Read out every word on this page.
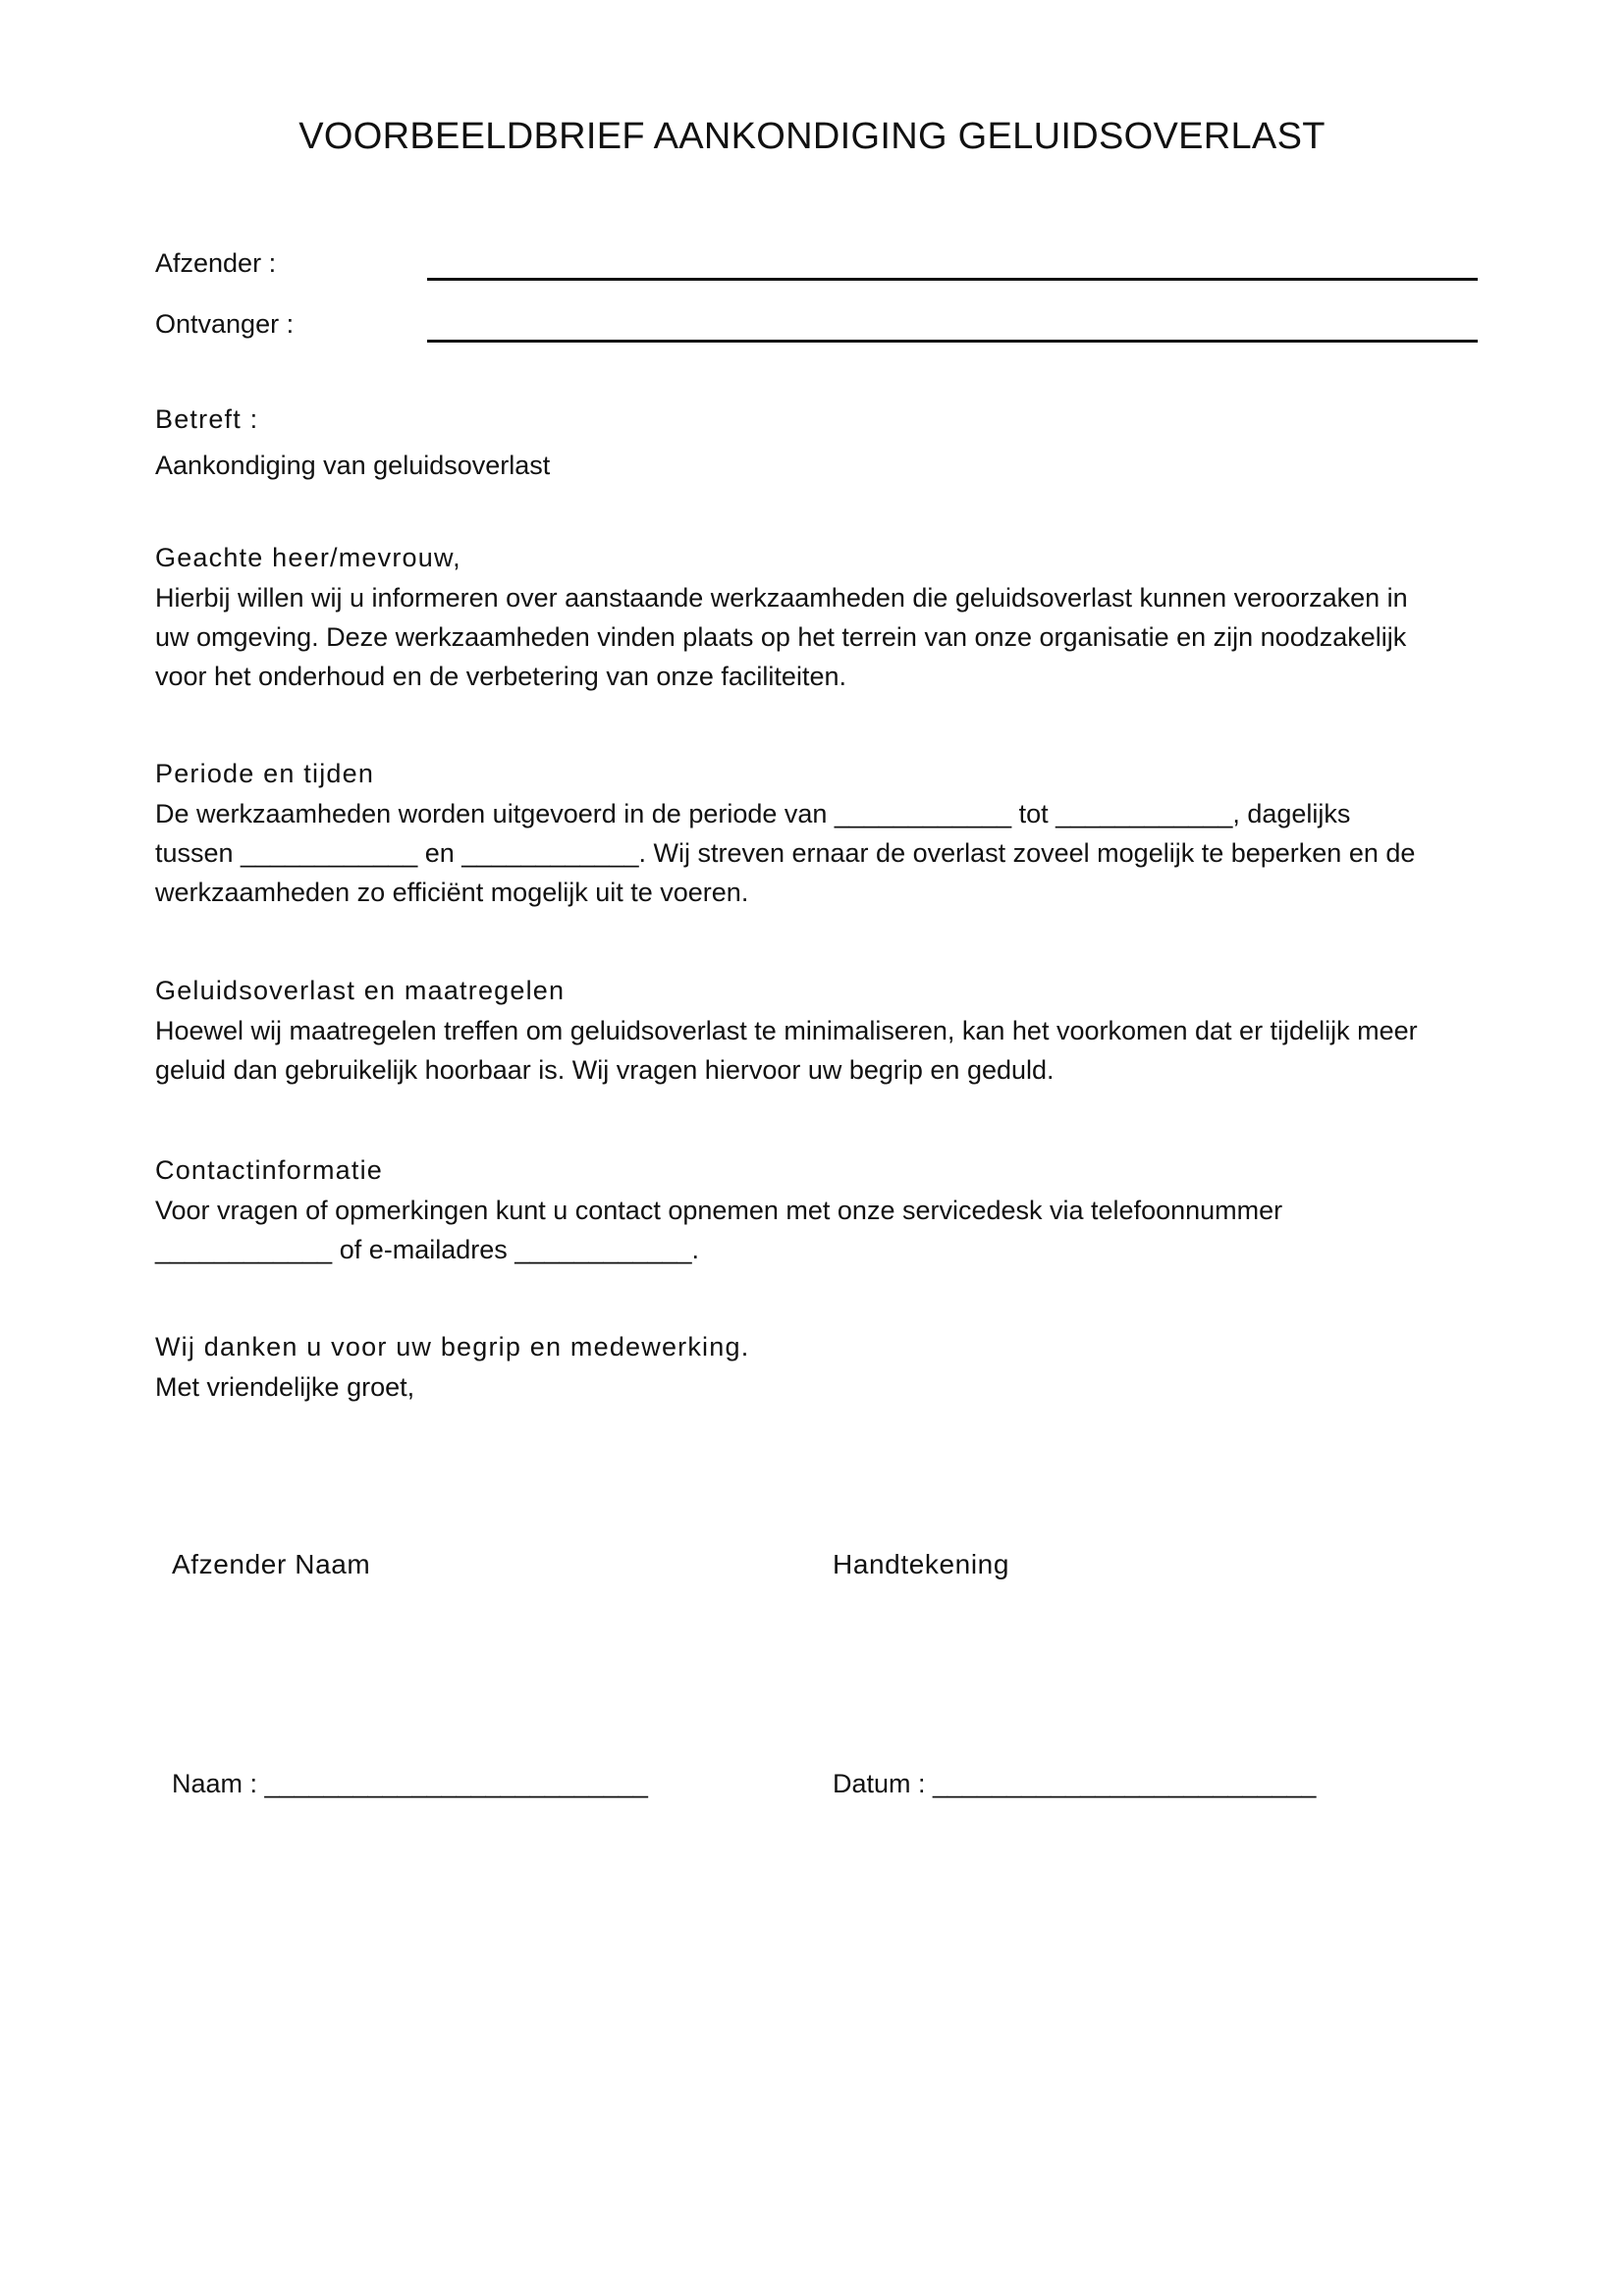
VOORBEELDBRIEF AANKONDIGING GELUIDSOVERLAST
Afzender :
Ontvanger :
Betreft :
Aankondiging van geluidsoverlast
Geachte heer/mevrouw,
Hierbij willen wij u informeren over aanstaande werkzaamheden die geluidsoverlast kunnen veroorzaken in
uw omgeving. Deze werkzaamheden vinden plaats op het terrein van onze organisatie en zijn noodzakelijk
voor het onderhoud en de verbetering van onze faciliteiten.
Periode en tijden
De werkzaamheden worden uitgevoerd in de periode van ____________ tot ____________, dagelijks
tussen ____________ en ____________. Wij streven ernaar de overlast zoveel mogelijk te beperken en de
werkzaamheden zo efficiënt mogelijk uit te voeren.
Geluidsoverlast en maatregelen
Hoewel wij maatregelen treffen om geluidsoverlast te minimaliseren, kan het voorkomen dat er tijdelijk meer
geluid dan gebruikelijk hoorbaar is. Wij vragen hiervoor uw begrip en geduld.
Contactinformatie
Voor vragen of opmerkingen kunt u contact opnemen met onze servicedesk via telefoonnummer
____________ of e-mailadres ____________.
Wij danken u voor uw begrip en medewerking.
Met vriendelijke groet,
Afzender Naam	Handtekening
Naam : __________________________	Datum : __________________________
